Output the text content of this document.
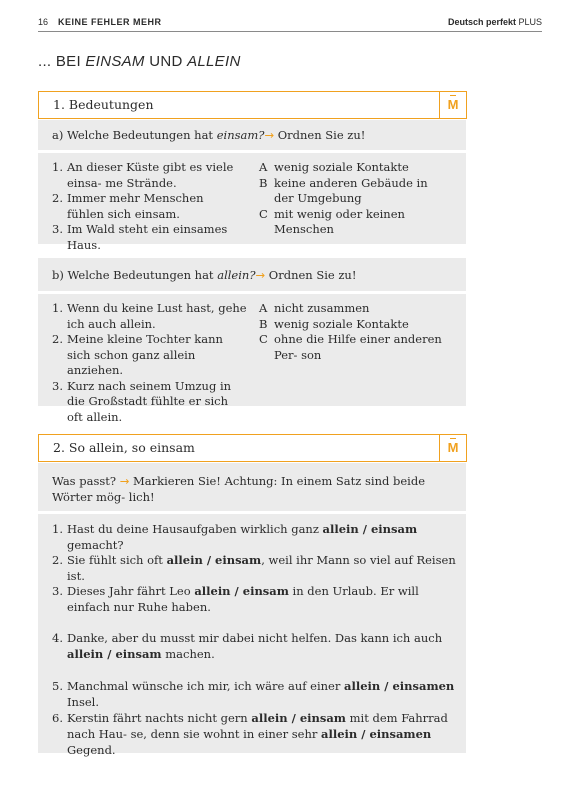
16 KEINE FEHLER MEHR	Deutsch perfekt PLUS
... BEI EINSAM UND ALLEIN
1. Bedeutungen	M
a) Welche Bedeutungen hat einsam?→ Ordnen Sie zu!
1. An dieser Küste gibt es viele einsa- me Strände.
2. Immer mehr Menschen fühlen sich einsam.
3. Im Wald steht ein einsames Haus.
A wenig soziale Kontakte
B keine anderen Gebäude in der Umgebung
C mit wenig oder keinen Menschen
b) Welche Bedeutungen hat allein?→ Ordnen Sie zu!
1. Wenn du keine Lust hast, gehe ich auch allein.
2. Meine kleine Tochter kann sich schon ganz allein anziehen.
3. Kurz nach seinem Umzug in die Großstadt fühlte er sich oft allein.
A nicht zusammen
B wenig soziale Kontakte
C ohne die Hilfe einer anderen Per- son
2. So allein, so einsam	M
Was passt? → Markieren Sie! Achtung: In einem Satz sind beide Wörter mög- lich!
1. Hast du deine Hausaufgaben wirklich ganz allein / einsam gemacht?
2. Sie fühlt sich oft allein / einsam, weil ihr Mann so viel auf Reisen ist.
3. Dieses Jahr fährt Leo allein / einsam in den Urlaub. Er will einfach nur Ruhe haben.
4. Danke, aber du musst mir dabei nicht helfen. Das kann ich auch allein / einsam machen.
5. Manchmal wünsche ich mir, ich wäre auf einer allein / einsamen Insel.
6. Kerstin fährt nachts nicht gern allein / einsam mit dem Fahrrad nach Hau- se, denn sie wohnt in einer sehr allein / einsamen Gegend.
